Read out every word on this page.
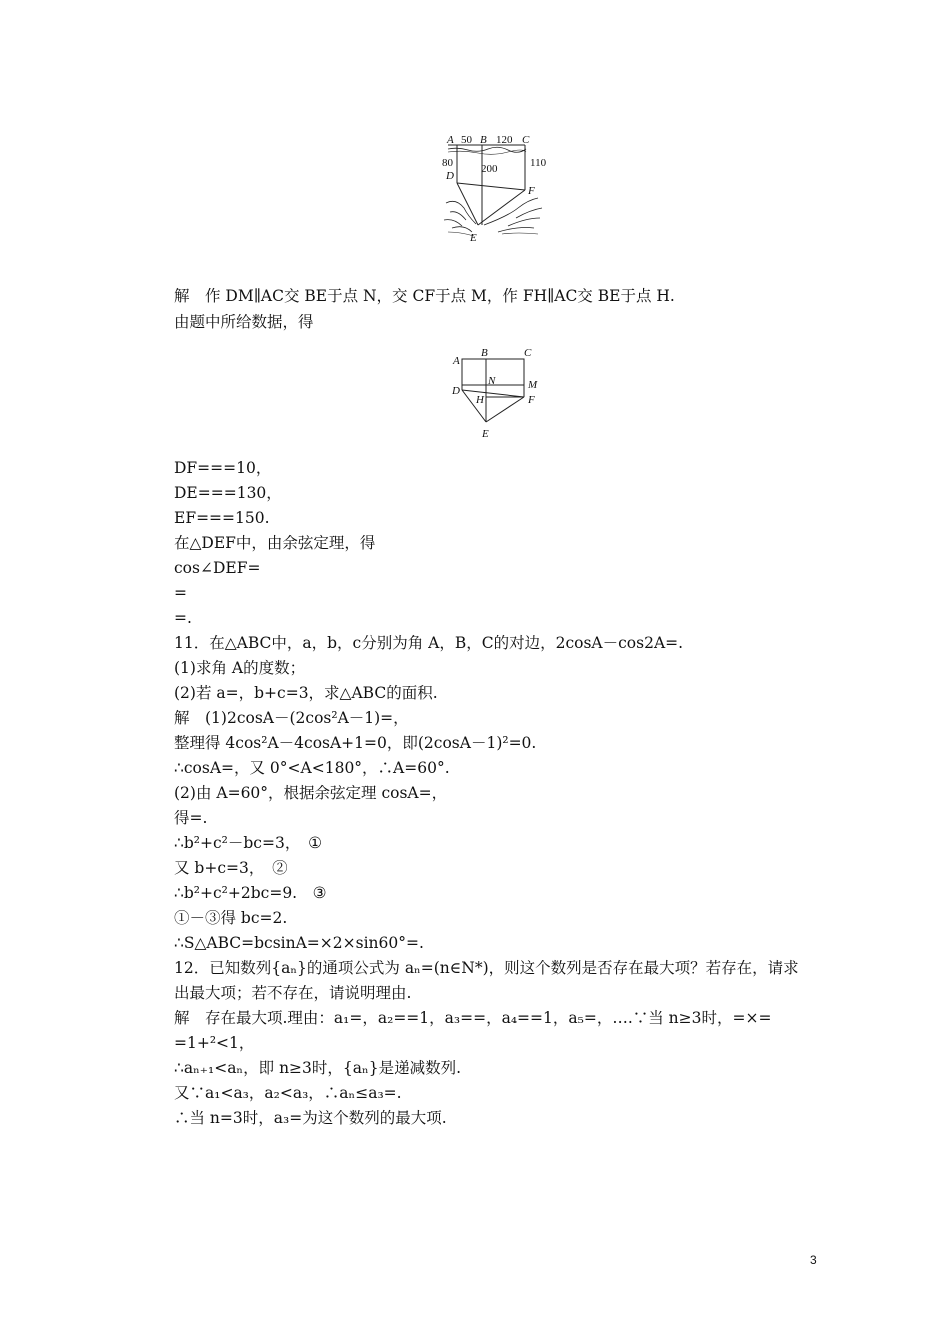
A B	C
50 120
80	200	110
D
F
E
解　作 DM∥AC交 BE于点 N，交 CF于点 M，作 FH∥AC交 BE于点 H.
由题中所给数据，得
A
B	C
D
N	M
H	F
E
DF===10，
DE===130，
EF===150.
在△DEF中，由余弦定理，得
cos∠DEF=
=
=.
11．在△ABC中，a，b，c分别为角 A，B，C的对边，2cosA－cos2A=.
(1)求角 A的度数；
(2)若 a=，b+c=3，求△ABC的面积.
解　(1)2cosA－(2cos²A－1)=，
整理得 4cos²A－4cosA+1=0，即(2cosA－1)²=0.
∴cosA=，又 0°<A<180°，∴A=60°.
(2)由 A=60°，根据余弦定理 cosA=，
得=.
∴b²+c²－bc=3，　①
又 b+c=3，　②
∴b²+c²+2bc=9.　③
①－③得 bc=2.
∴S△ABC=bcsinA=×2×sin60°=.
12．已知数列{aₙ}的通项公式为 aₙ=(n∈N*)，则这个数列是否存在最大项？若存在，请求
出最大项；若不存在，请说明理由.
解　存在最大项.理由：a₁=，a₂==1，a₃==，a₄==1，a₅=，….∵当 n≥3时，=×=
=1+²<1，
∴aₙ₊₁<aₙ，即 n≥3时，{aₙ}是递减数列.
又∵a₁<a₃，a₂<a₃，∴aₙ≤a₃=.
∴当 n=3时，a₃=为这个数列的最大项.
3
